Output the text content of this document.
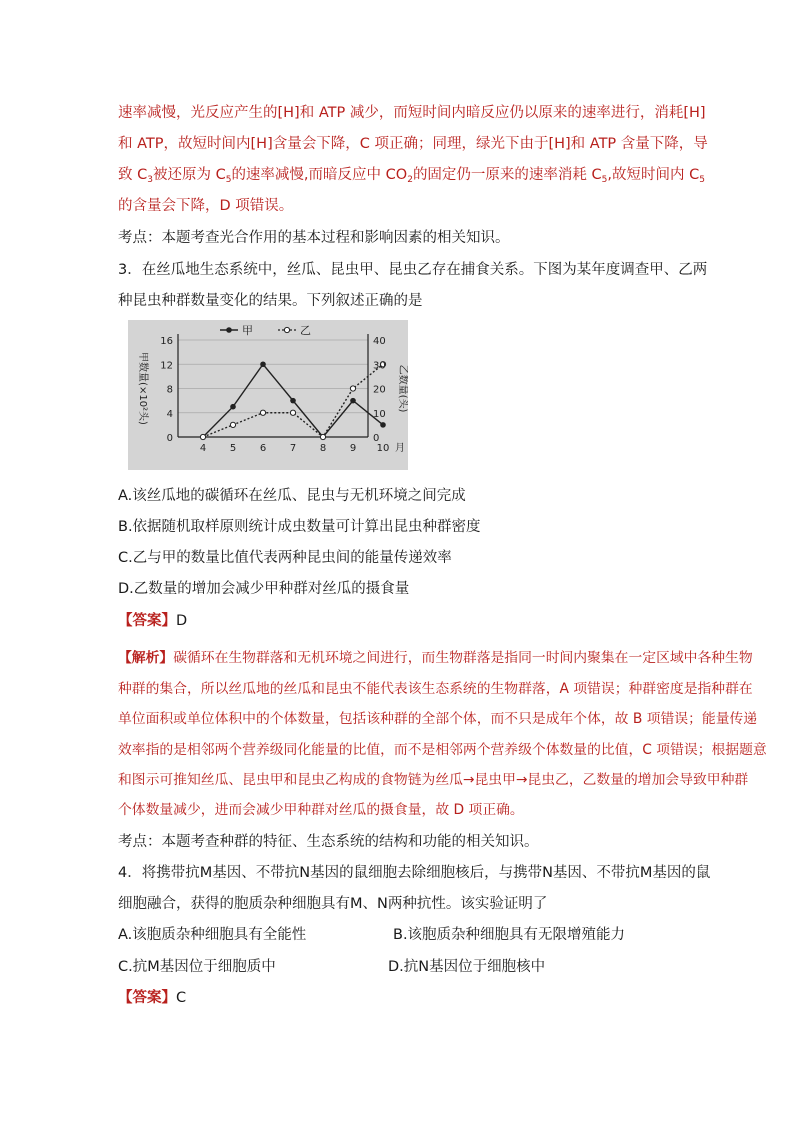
速率减慢，光反应产生的[H]和 ATP 减少，而短时间内暗反应仍以原来的速率进行，消耗[H]
和 ATP，故短时间内[H]含量会下降，C 项正确；同理，绿光下由于[H]和 ATP 含量下降，导
致 $C_3$被还原为 $C_5$的速率减慢,而暗反应中 $CO_2$的固定仍一原来的速率消耗 $C_5$,故短时间内 $C_5$
的含量会下降，D 项错误。
考点：本题考查光合作用的基本过程和影响因素的相关知识。
3．在丝瓜地生态系统中，丝瓜、昆虫甲、昆虫乙存在捕食关系。下图为某年度调查甲、乙两
种昆虫种群数量变化的结果。下列叙述正确的是
0
4
8
12
16
0
10
20
30
40
4 5 6 7 8 9 10 月
甲数量(×10²头)	乙数量(头)
甲	乙
A.该丝瓜地的碳循环在丝瓜、昆虫与无机环境之间完成
B.依据随机取样原则统计成虫数量可计算出昆虫种群密度
C.乙与甲的数量比值代表两种昆虫间的能量传递效率
D.乙数量的增加会减少甲种群对丝瓜的摄食量
【答案】D
【解析】碳循环在生物群落和无机环境之间进行，而生物群落是指同一时间内聚集在一定区域中各种生物
种群的集合，所以丝瓜地的丝瓜和昆虫不能代表该生态系统的生物群落，A 项错误；种群密度是指种群在
单位面积或单位体积中的个体数量，包括该种群的全部个体，而不只是成年个体，故 B 项错误；能量传递
效率指的是相邻两个营养级同化能量的比值，而不是相邻两个营养级个体数量的比值，C 项错误；根据题意
和图示可推知丝瓜、昆虫甲和昆虫乙构成的食物链为丝瓜→昆虫甲→昆虫乙，乙数量的增加会导致甲种群
个体数量减少，进而会减少甲种群对丝瓜的摄食量，故 D 项正确。
考点：本题考查种群的特征、生态系统的结构和功能的相关知识。
4．将携带抗M基因、不带抗N基因的鼠细胞去除细胞核后，与携带N基因、不带抗M基因的鼠
细胞融合，获得的胞质杂种细胞具有M、N两种抗性。该实验证明了
A.该胞质杂种细胞具有全能性	B.该胞质杂种细胞具有无限增殖能力
C.抗M基因位于细胞质中	D.抗N基因位于细胞核中
【答案】C
